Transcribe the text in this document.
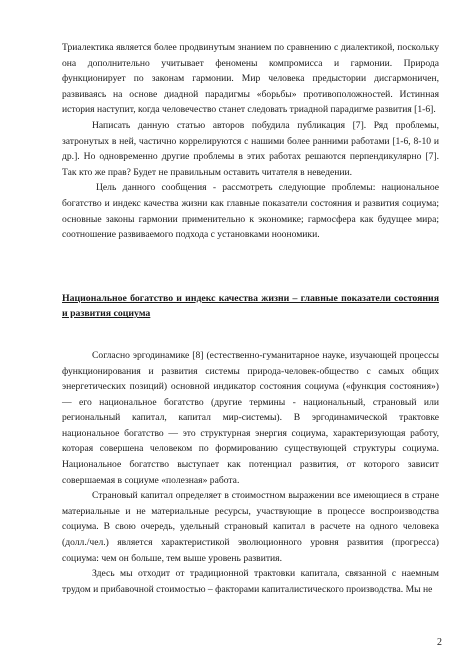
Триалектика является более продвинутым знанием по сравнению с диалектикой, поскольку она дополнительно учитывает феномены компромисса и гармонии. Природа функционирует по законам гармонии. Мир человека предыстории дисгармоничен, развиваясь на основе диадной парадигмы «борьбы» противоположностей. Истинная история наступит, когда человечество станет следовать триадной парадигме развития [1-6].

Написать данную статью авторов побудила публикация [7]. Ряд проблемы, затронутых в ней, частично коррелируются с нашими более ранними работами [1-6, 8-10 и др.]. Но одновременно другие проблемы в этих работах решаются перпендикулярно [7]. Так кто же прав? Будет не правильным оставить читателя в неведении.

Цель данного сообщения - рассмотреть следующие проблемы: национальное богатство и индекс качества жизни как главные показатели состояния и развития социума; основные законы гармонии применительно к экономике; гармосфера как будущее мира; соотношение развиваемого подхода с установками ноономики.

Национальное богатство и индекс качества жизни – главные показатели состояния и развития социума

Согласно эргодинамике [8] (естественно-гуманитарное науке, изучающей процессы функционирования и развития системы природа-человек-общество с самых общих энергетических позиций) основной индикатор состояния социума («функция состояния») — его национальное богатство (другие термины - национальный, страновый или региональный капитал, капитал мир-системы). В эргодинамической трактовке национальное богатство — это структурная энергия социума, характеризующая работу, которая совершена человеком по формированию существующей структуры социума. Национальное богатство выступает как потенциал развития, от которого зависит совершаемая в социуме «полезная» работа.

Страновый капитал определяет в стоимостном выражении все имеющиеся в стране материальные и не материальные ресурсы, участвующие в процессе воспроизводства социума. В свою очередь, удельный страновый капитал в расчете на одного человека (долл./чел.) является характеристикой эволюционного уровня развития (прогресса) социума: чем он больше, тем выше уровень развития.

Здесь мы отходит от традиционной трактовки капитала, связанной с наемным трудом и прибавочной стоимостью – факторами капиталистического производства. Мы не

2
